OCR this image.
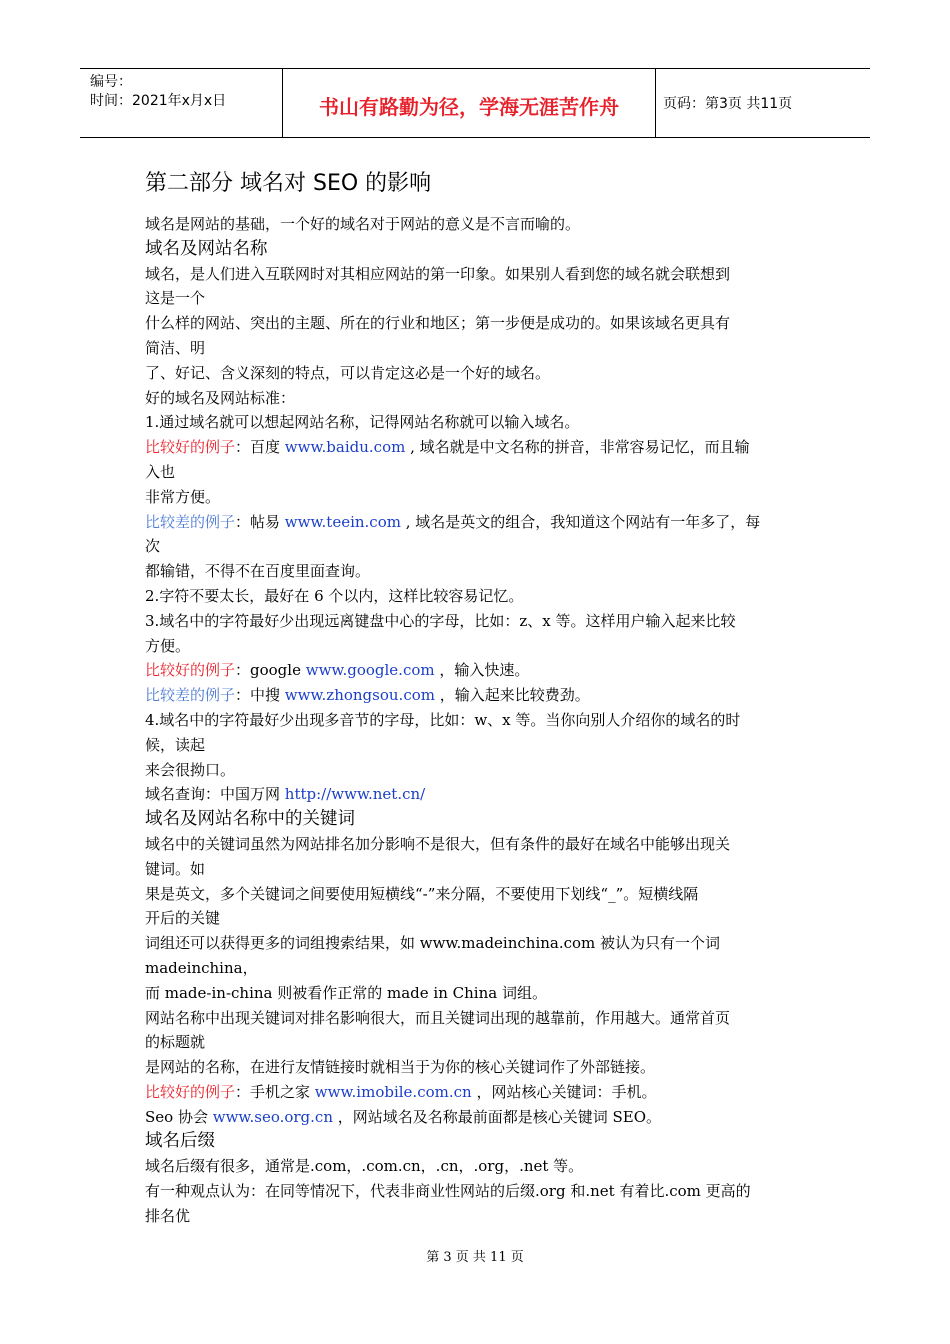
编号：
时间：2021年x月x日	书山有路勤为径，学海无涯苦作舟	页码：第3页 共11页
第二部分 域名对 SEO 的影响
域名是网站的基础，一个好的域名对于网站的意义是不言而喻的。
域名及网站名称
域名，是人们进入互联网时对其相应网站的第一印象。如果别人看到您的域名就会联想到
这是一个
什么样的网站、突出的主题、所在的行业和地区；第一步便是成功的。如果该域名更具有
简洁、明
了、好记、含义深刻的特点，可以肯定这必是一个好的域名。
好的域名及网站标准：
1.通过域名就可以想起网站名称，记得网站名称就可以输入域名。
比较好的例子：百度 www.baidu.com , 域名就是中文名称的拼音，非常容易记忆，而且输
入也
非常方便。
比较差的例子：帖易 www.teein.com , 域名是英文的组合，我知道这个网站有一年多了，每
次
都输错，不得不在百度里面查询。
2.字符不要太长，最好在 6 个以内，这样比较容易记忆。
3.域名中的字符最好少出现远离键盘中心的字母，比如：z、x 等。这样用户输入起来比较
方便。
比较好的例子：google www.google.com ，输入快速。
比较差的例子：中搜 www.zhongsou.com ，输入起来比较费劲。
4.域名中的字符最好少出现多音节的字母，比如：w、x 等。当你向别人介绍你的域名的时
候，读起
来会很拗口。
域名查询：中国万网 http://www.net.cn/
域名及网站名称中的关键词
域名中的关键词虽然为网站排名加分影响不是很大，但有条件的最好在域名中能够出现关
键词。如
果是英文，多个关键词之间要使用短横线“-”来分隔，不要使用下划线“_”。短横线隔
开后的关键
词组还可以获得更多的词组搜索结果，如 www.madeinchina.com 被认为只有一个词
madeinchina，
而 made-in-china 则被看作正常的 made in China 词组。
网站名称中出现关键词对排名影响很大，而且关键词出现的越靠前，作用越大。通常首页
的标题就
是网站的名称，在进行友情链接时就相当于为你的核心关键词作了外部链接。
比较好的例子：手机之家 www.imobile.com.cn ，网站核心关键词：手机。
Seo 协会 www.seo.org.cn ，网站域名及名称最前面都是核心关键词 SEO。
域名后缀
域名后缀有很多，通常是.com，.com.cn，.cn，.org，.net 等。
有一种观点认为：在同等情况下，代表非商业性网站的后缀.org 和.net 有着比.com 更高的
排名优
第 3 页 共 11 页
